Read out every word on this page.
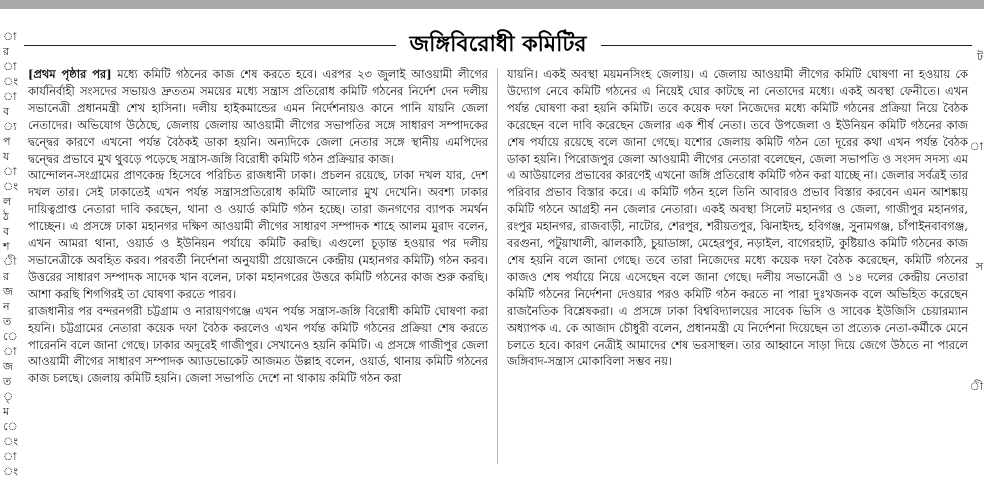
া
র
া
ং
া
ব
্য
প
য
া
ং
ল
ঠ
ব
শ
ী
র
জ
ন
ত
ে
া
জ
ত
ৃ
ম
ে
ং
া
ং
ট
া
স
ী
জঙ্গিবিরোধী কমিটির

[প্রথম পৃষ্ঠার পর] মধ্যে কমিটি গঠনের কাজ শেষ করতে হবে। এরপর ২৩ জুলাই আওয়ামী লীগের কার্যনির্বাহী সংসদের সভায়ও দ্রুততম সময়ের মধ্যে সন্ত্রাস প্রতিরোধ কমিটি গঠনের নির্দেশ দেন দলীয় সভানেত্রী প্রধানমন্ত্রী শেখ হাসিনা। দলীয় হাইকমান্ডের এমন নির্দেশনায়ও কানে পানি যায়নি জেলা নেতাদের। অভিযোগ উঠেছে, জেলায় জেলায় আওয়ামী লীগের সভাপতির সঙ্গে সাধারণ সম্পাদকের দ্বন্দ্বের কারণে এখনো পর্যন্ত বৈঠকই ডাকা হয়নি। অন্যদিকে জেলা নেতার সঙ্গে স্থানীয় এমপিদের দ্বন্দ্বের প্রভাবে মুখ থুবড়ে পড়েছে সন্ত্রাস-জঙ্গি বিরোধী কমিটি গঠন প্রক্রিয়ার কাজ।

আন্দোলন-সংগ্রামের প্রাণকেন্দ্র হিসেবে পরিচিত রাজধানী ঢাকা। প্রচলন রয়েছে, ঢাকা দখল যার, দেশ দখল তার। সেই ঢাকাতেই এখন পর্যন্ত সন্ত্রাসপ্রতিরোধ কমিটি আলোর মুখ দেখেনি। অবশ্য ঢাকার দায়িত্বপ্রাপ্ত নেতারা দাবি করছেন, থানা ও ওয়ার্ড কমিটি গঠন হচ্ছে। তারা জনগণের ব্যাপক সমর্থন পাচ্ছেন। এ প্রসঙ্গে ঢাকা মহানগর দক্ষিণ আওয়ামী লীগের সাধারণ সম্পাদক শাহে আলম মুরাদ বলেন, এখন আমরা থানা, ওয়ার্ড ও ইউনিয়ন পর্যায়ে কমিটি করছি। এগুলো চূড়ান্ত হওয়ার পর দলীয় সভানেত্রীকে অবহিত করব। পরবর্তী নির্দেশনা অনুযায়ী প্রয়োজনে কেন্দ্রীয় (মহানগর কমিটি) গঠন করব। উত্তরের সাধারণ সম্পাদক সাদেক খান বলেন, ঢাকা মহানগরের উত্তরে কমিটি গঠনের কাজ শুরু করছি। আশা করছি শিগগিরই তা ঘোষণা করতে পারব।

রাজধানীর পর বন্দরনগরী চট্টগ্রাম ও নারায়ণগঞ্জে এখন পর্যন্ত সন্ত্রাস-জঙ্গি বিরোধী কমিটি ঘোষণা করা হয়নি। চট্টগ্রামের নেতারা কয়েক দফা বৈঠক করলেও এখন পর্যন্ত কমিটি গঠনের প্রক্রিয়া শেষ করতে পারেননি বলে জানা গেছে। ঢাকার অদূরেই গাজীপুর। সেখানেও হয়নি কমিটি। এ প্রসঙ্গে গাজীপুর জেলা আওয়ামী লীগের সাধারণ সম্পাদক অ্যাডভোকেট আজমত উল্লাহ বলেন, ওয়ার্ড, থানায় কমিটি গঠনের কাজ চলছে। জেলায় কমিটি হয়নি। জেলা সভাপতি দেশে না থাকায় কমিটি গঠন করা

যায়নি। একই অবস্থা ময়মনসিংহ জেলায়। এ জেলায় আওয়ামী লীগের কমিটি ঘোষণা না হওয়ায় কে উদ্যোগ নেবে কমিটি গঠনের এ নিয়েই ঘোর কাটছে না নেতাদের মধ্যে। একই অবস্থা ফেনীতে। এখন পর্যন্ত ঘোষণা করা হয়নি কমিটি। তবে কয়েক দফা নিজেদের মধ্যে কমিটি গঠনের প্রক্রিয়া নিয়ে বৈঠক করেছেন বলে দাবি করেছেন জেলার এক শীর্ষ নেতা। তবে উপজেলা ও ইউনিয়ন কমিটি গঠনের কাজ শেষ পর্যায়ে রয়েছে বলে জানা গেছে। যশোর জেলায় কমিটি গঠন তো দূরের কথা এখন পর্যন্ত বৈঠক ডাকা হয়নি। পিরোজপুর জেলা আওয়ামী লীগের নেতারা বলেছেন, জেলা সভাপতি ও সংসদ সদস্য এম এ আউয়ালের প্রভাবের কারণেই এখনো জঙ্গি প্রতিরোধ কমিটি গঠন করা যাচ্ছে না। জেলার সর্বত্রই তার পরিবার প্রভাব বিস্তার করে। এ কমিটি গঠন হলে তিনি আবারও প্রভাব বিস্তার করবেন এমন আশঙ্কায় কমিটি গঠনে আগ্রহী নন জেলার নেতারা। একই অবস্থা সিলেট মহানগর ও জেলা, গাজীপুর মহানগর, রংপুর মহানগর, রাজবাড়ী, নাটোর, শেরপুর, শরীয়তপুর, ঝিনাইদহ, হবিগঞ্জ, সুনামগঞ্জ, চাঁপাইনবাবগঞ্জ, বরগুনা, পটুয়াখালী, ঝালকাঠি, চুয়াডাঙ্গা, মেহেরপুর, নড়াইল, বাগেরহাট, কুষ্টিয়াও কমিটি গঠনের কাজ শেষ হয়নি বলে জানা গেছে। তবে তারা নিজেদের মধ্যে কয়েক দফা বৈঠক করেছেন, কমিটি গঠনের কাজও শেষ পর্যায়ে নিয়ে এসেছেন বলে জানা গেছে। দলীয় সভানেত্রী ও ১৪ দলের কেন্দ্রীয় নেতারা কমিটি গঠনের নির্দেশনা দেওয়ার পরও কমিটি গঠন করতে না পারা দুঃখজনক বলে অভিহিত করেছেন রাজনৈতিক বিশ্লেষকরা। এ প্রসঙ্গে ঢাকা বিশ্ববিদ্যালয়ের সাবেক ভিসি ও সাবেক ইউজিসি চেয়ারম্যান অধ্যাপক এ. কে আজাদ চৌধুরী বলেন, প্রধানমন্ত্রী যে নির্দেশনা দিয়েছেন তা প্রত্যেক নেতা-কর্মীকে মেনে চলতে হবে। কারণ নেত্রীই আমাদের শেষ ভরসাস্থল। তার আহ্বানে সাড়া দিয়ে জেগে উঠতে না পারলে জঙ্গিবাদ-সন্ত্রাস মোকাবিলা সম্ভব নয়।
